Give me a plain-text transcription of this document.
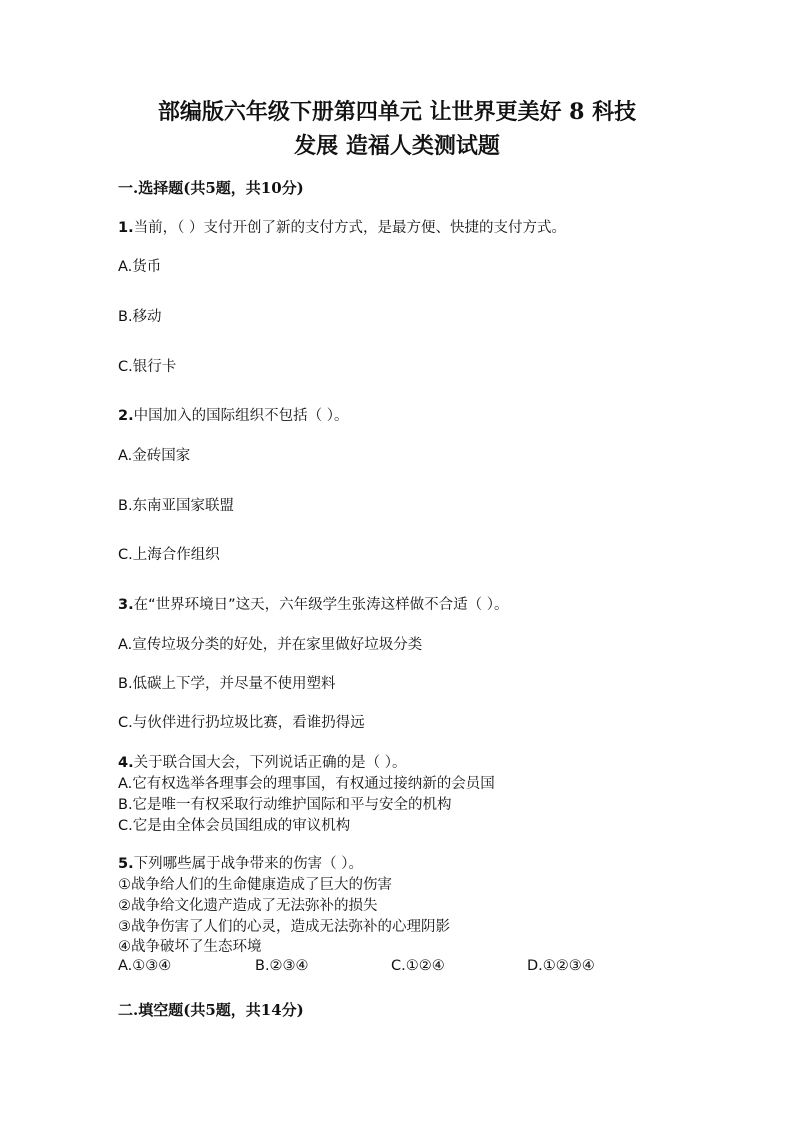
部编版六年级下册第四单元 让世界更美好 8 科技
发展 造福人类测试题
一.选择题(共5题，共10分)
1.当前，（ ）支付开创了新的支付方式，是最方便、快捷的支付方式。
A.货币
B.移动
C.银行卡
2.中国加入的国际组织不包括（ ）。
A.金砖国家
B.东南亚国家联盟
C.上海合作组织
3.在“世界环境日”这天，六年级学生张涛这样做不合适（ ）。
A.宣传垃圾分类的好处，并在家里做好垃圾分类
B.低碳上下学，并尽量不使用塑料
C.与伙伴进行扔垃圾比赛，看谁扔得远
4.关于联合国大会，下列说话正确的是（ ）。
A.它有权选举各理事会的理事国，有权通过接纳新的会员国
B.它是唯一有权采取行动维护国际和平与安全的机构
C.它是由全体会员国组成的审议机构
5.下列哪些属于战争带来的伤害（ ）。
①战争给人们的生命健康造成了巨大的伤害
②战争给文化遗产造成了无法弥补的损失
③战争伤害了人们的心灵，造成无法弥补的心理阴影
④战争破坏了生态环境
A.①③④	B.②③④	C.①②④	D.①②③④
二.填空题(共5题，共14分)
